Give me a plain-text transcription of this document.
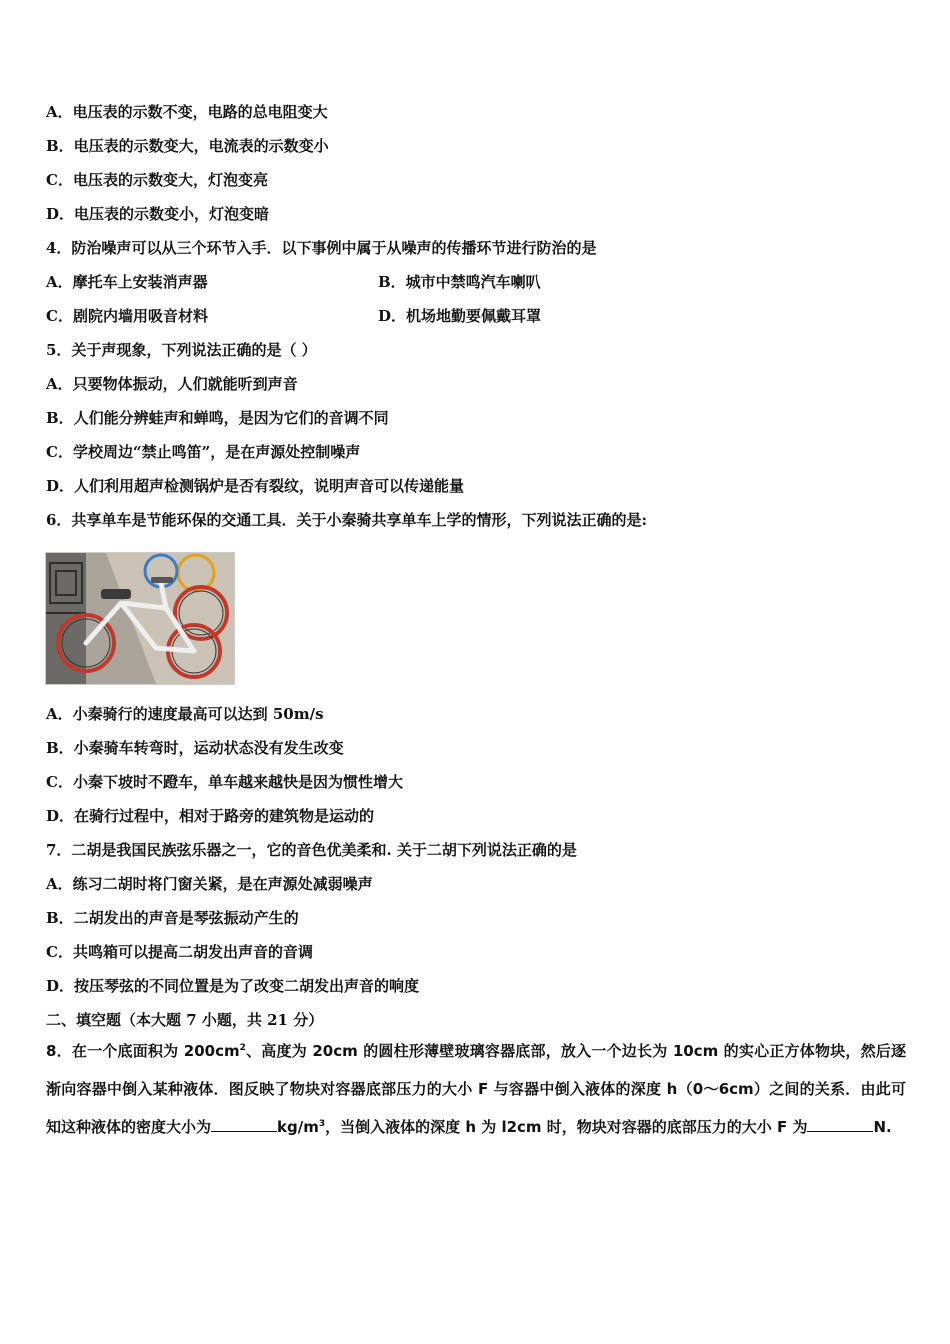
A．电压表的示数不变，电路的总电阻变大
B．电压表的示数变大，电流表的示数变小
C．电压表的示数变大，灯泡变亮
D．电压表的示数变小，灯泡变暗
4．防治噪声可以从三个环节入手．以下事例中属于从噪声的传播环节进行防治的是
A．摩托车上安装消声器	B．城市中禁鸣汽车喇叭
C．剧院内墙用吸音材料	D．机场地勤要佩戴耳罩
5．关于声现象，下列说法正确的是（ ）
A．只要物体振动，人们就能听到声音
B．人们能分辨蛙声和蝉鸣，是因为它们的音调不同
C．学校周边“禁止鸣笛”，是在声源处控制噪声
D．人们利用超声检测锅炉是否有裂纹，说明声音可以传递能量
6．共享单车是节能环保的交通工具．关于小秦骑共享单车上学的情形，下列说法正确的是:
A．小秦骑行的速度最高可以达到 50m/s
B．小秦骑车转弯时，运动状态没有发生改变
C．小秦下坡时不蹬车，单车越来越快是因为惯性增大
D．在骑行过程中，相对于路旁的建筑物是运动的
7．二胡是我国民族弦乐器之一，它的音色优美柔和. 关于二胡下列说法正确的是
A．练习二胡时将门窗关紧，是在声源处减弱噪声
B．二胡发出的声音是琴弦振动产生的
C．共鸣箱可以提高二胡发出声音的音调
D．按压琴弦的不同位置是为了改变二胡发出声音的响度
二、填空题（本大题 7 小题，共 21 分）
8．在一个底面积为 $200cm^2$、高度为 20cm 的圆柱形薄壁玻璃容器底部，放入一个边长为 10cm 的实心正方体物块，然后逐渐向容器中倒入某种液体．图反映了物块对容器底部压力的大小 F 与容器中倒入液体的深度 h（0～6cm）之间的关系．由此可知这种液体的密度大小为	$kg/m^3$，当倒入液体的深度 h 为 l2cm 时，物块对容器的底部压力的大小 F 为	N.
